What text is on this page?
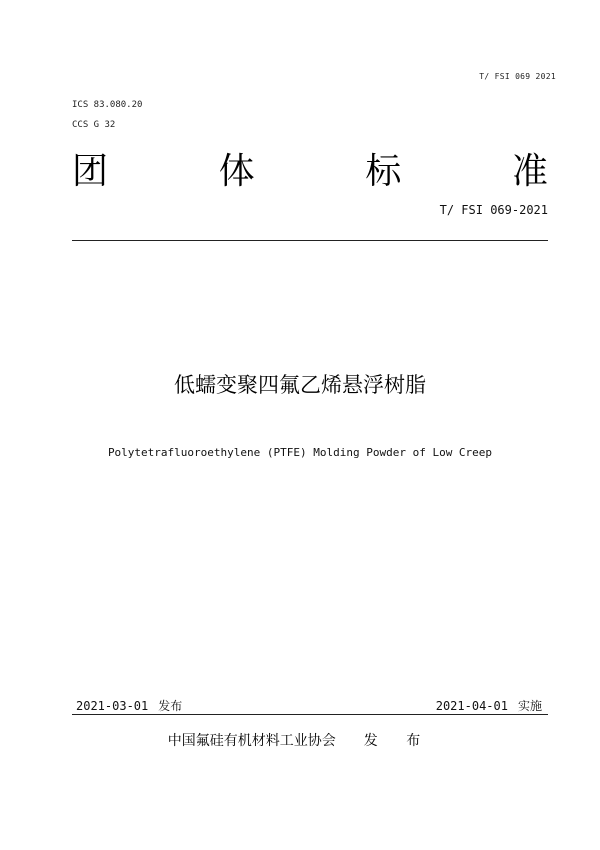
T/ FSI 069 2021
ICS 83.080.20
CCS G 32
团	体	标	准
T/ FSI 069-2021
低蠕变聚四氟乙烯悬浮树脂
Polytetrafluoroethylene (PTFE) Molding Powder of Low Creep
2021-03-01 发布	2021-04-01 实施
中国氟硅有机材料工业协会 发 布
